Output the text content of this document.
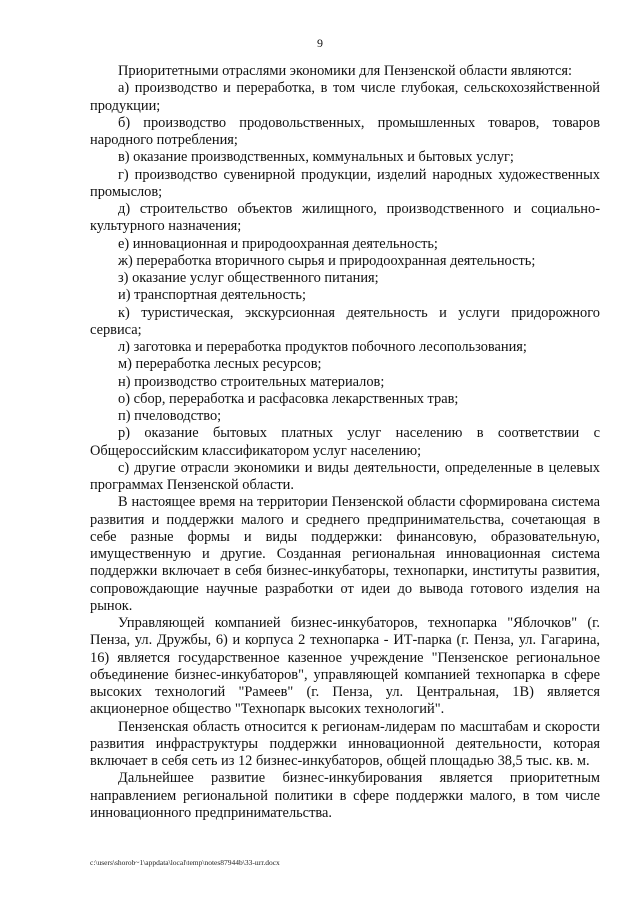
9

Приоритетными отраслями экономики для Пензенской области являются:

а) производство и переработка, в том числе глубокая, сельскохозяйственной продукции;

б) производство продовольственных, промышленных товаров, товаров народного потребления;

в) оказание производственных, коммунальных и бытовых услуг;

г) производство сувенирной продукции, изделий народных художественных промыслов;

д) строительство объектов жилищного, производственного и социально-культурного назначения;

е) инновационная и природоохранная деятельность;

ж) переработка вторичного сырья и природоохранная деятельность;

з) оказание услуг общественного питания;

и) транспортная деятельность;

к) туристическая, экскурсионная деятельность и услуги придорожного сервиса;

л) заготовка и переработка продуктов побочного лесопользования;

м) переработка лесных ресурсов;

н) производство строительных материалов;

о) сбор, переработка и расфасовка лекарственных трав;

п) пчеловодство;

р) оказание бытовых платных услуг населению в соответствии с Общероссийским классификатором услуг населению;

с) другие отрасли экономики и виды деятельности, определенные в целевых программах Пензенской области.

В настоящее время на территории Пензенской области сформирована система развития и поддержки малого и среднего предпринимательства, сочетающая в себе разные формы и виды поддержки: финансовую, образовательную, имущественную и другие. Созданная региональная инновационная система поддержки включает в себя бизнес-инкубаторы, технопарки, институты развития, сопровождающие научные разработки от идеи до вывода готового изделия на рынок.

Управляющей компанией бизнес-инкубаторов, технопарка "Яблочков" (г. Пенза, ул. Дружбы, 6) и корпуса 2 технопарка - ИТ-парка (г. Пенза, ул. Гагарина, 16) является государственное казенное учреждение "Пензенское региональное объединение бизнес-инкубаторов", управляющей компанией технопарка в сфере высоких технологий "Рамеев" (г. Пенза, ул. Центральная, 1В) является акционерное общество "Технопарк высоких технологий".

Пензенская область относится к регионам-лидерам по масштабам и скорости развития инфраструктуры поддержки инновационной деятельности, которая включает в себя сеть из 12 бизнес-инкубаторов, общей площадью 38,5 тыс. кв. м.

Дальнейшее развитие бизнес-инкубирования является приоритетным направлением региональной политики в сфере поддержки малого, в том числе инновационного предпринимательства.

c:\users\shorob~1\appdata\local\temp\notes87944b\33-шт.docx
